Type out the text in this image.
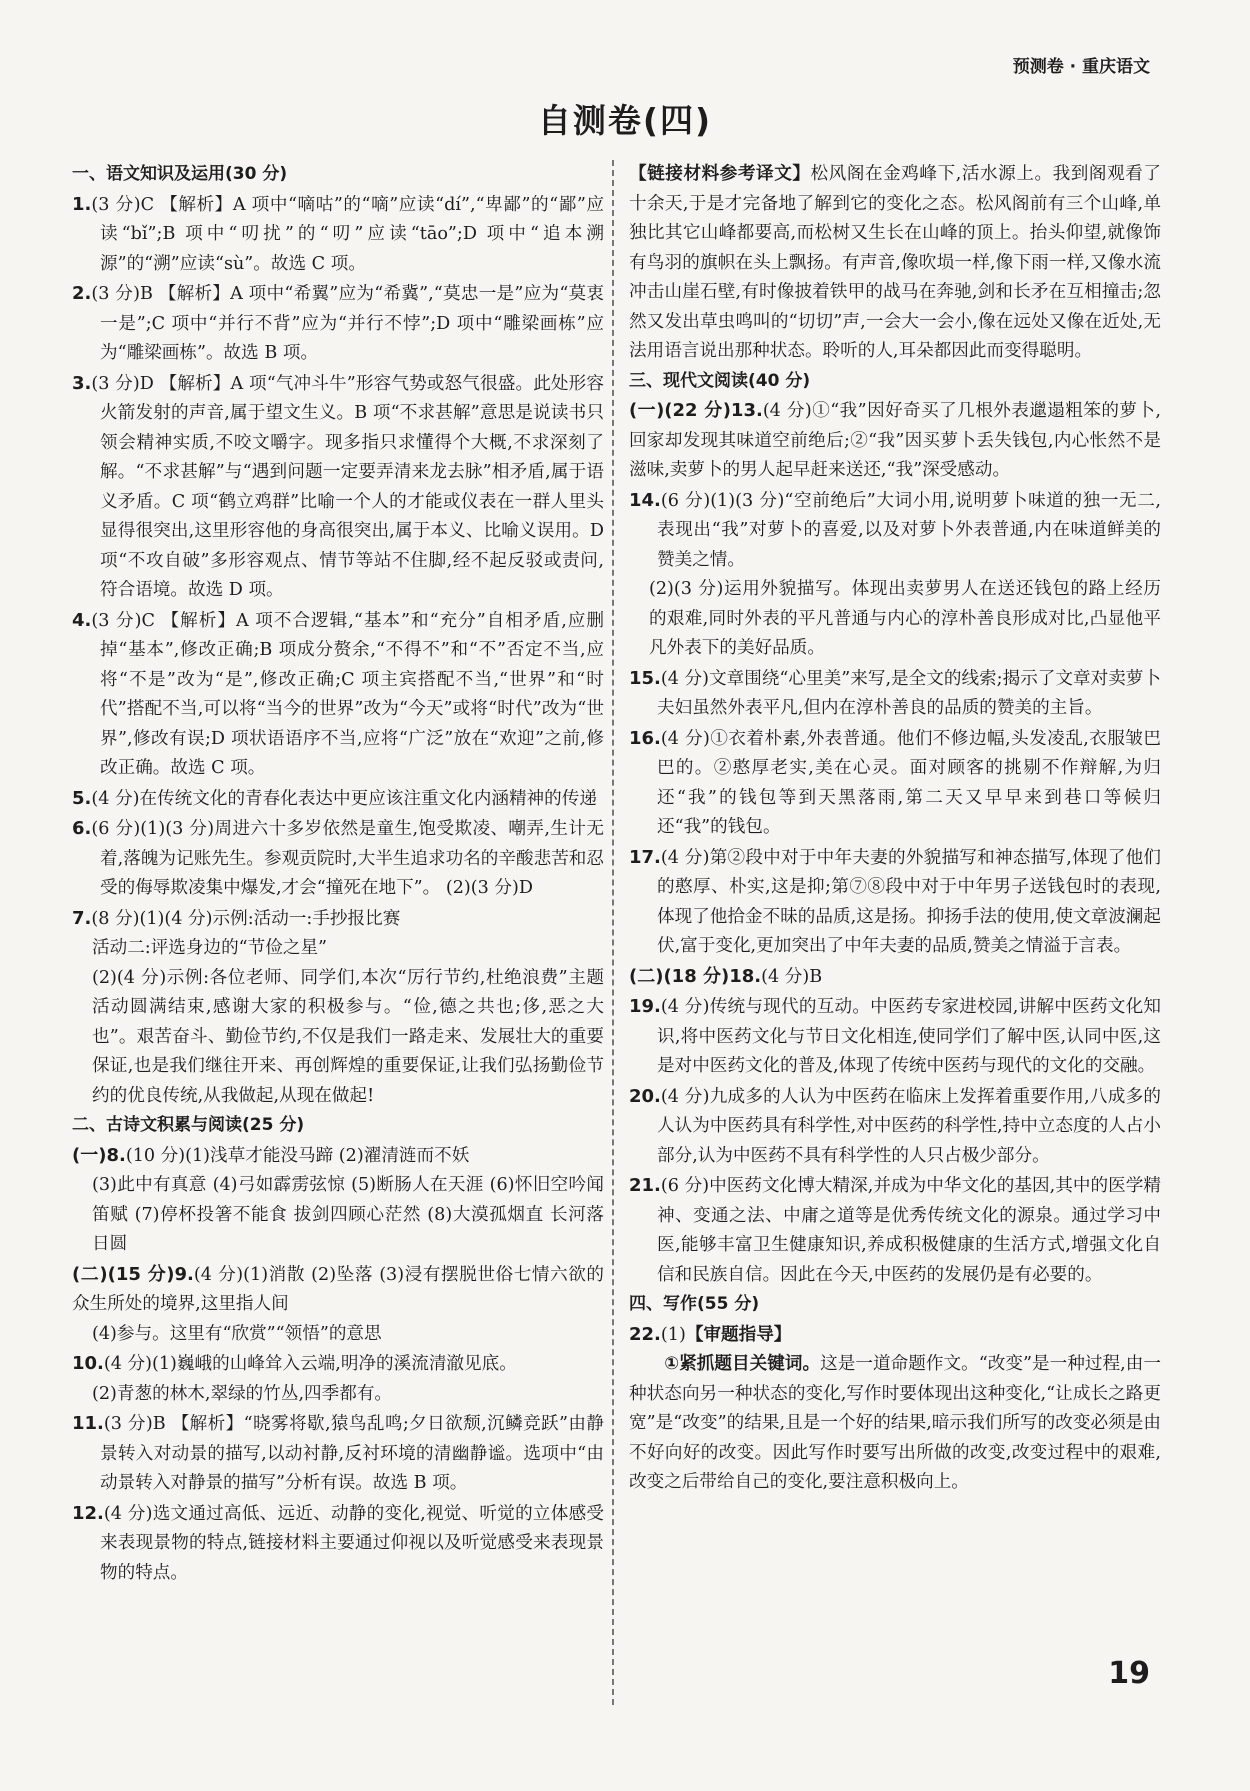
预测卷 · 重庆语文
自测卷(四)
一、语文知识及运用(30 分)
1.(3 分)C 【解析】A 项中“嘀咕”的“嘀”应读“dí”,“卑鄙”的“鄙”应读“bǐ”;B 项中“叨扰”的“叨”应读“tāo”;D 项中“追本溯源”的“溯”应读“sù”。故选 C 项。
2.(3 分)B 【解析】A 项中“希翼”应为“希冀”,“莫忠一是”应为“莫衷一是”;C 项中“并行不背”应为“并行不悖”;D 项中“雕梁画栋”应为“雕梁画栋”。故选 B 项。
3.(3 分)D 【解析】A 项“气冲斗牛”形容气势或怒气很盛。此处形容火箭发射的声音,属于望文生义。B 项“不求甚解”意思是说读书只领会精神实质,不咬文嚼字。现多指只求懂得个大概,不求深刻了解。“不求甚解”与“遇到问题一定要弄清来龙去脉”相矛盾,属于语义矛盾。C 项“鹤立鸡群”比喻一个人的才能或仪表在一群人里头显得很突出,这里形容他的身高很突出,属于本义、比喻义误用。D 项“不攻自破”多形容观点、情节等站不住脚,经不起反驳或责问,符合语境。故选 D 项。
4.(3 分)C 【解析】A 项不合逻辑,“基本”和“充分”自相矛盾,应删掉“基本”,修改正确;B 项成分赘余,“不得不”和“不”否定不当,应将“不是”改为“是”,修改正确;C 项主宾搭配不当,“世界”和“时代”搭配不当,可以将“当今的世界”改为“今天”或将“时代”改为“世界”,修改有误;D 项状语语序不当,应将“广泛”放在“欢迎”之前,修改正确。故选 C 项。
5.(4 分)在传统文化的青春化表达中更应该注重文化内涵精神的传递
6.(6 分)(1)(3 分)周进六十多岁依然是童生,饱受欺凌、嘲弄,生计无着,落魄为记账先生。参观贡院时,大半生追求功名的辛酸悲苦和忍受的侮辱欺凌集中爆发,才会“撞死在地下”。 (2)(3 分)D
7.(8 分)(1)(4 分)示例:活动一:手抄报比赛
活动二:评选身边的“节俭之星”
(2)(4 分)示例:各位老师、同学们,本次“厉行节约,杜绝浪费”主题活动圆满结束,感谢大家的积极参与。“俭,德之共也;侈,恶之大也”。艰苦奋斗、勤俭节约,不仅是我们一路走来、发展壮大的重要保证,也是我们继往开来、再创辉煌的重要保证,让我们弘扬勤俭节约的优良传统,从我做起,从现在做起!
二、古诗文积累与阅读(25 分)
(一)8.(10 分)(1)浅草才能没马蹄 (2)濯清涟而不妖
(3)此中有真意 (4)弓如霹雳弦惊 (5)断肠人在天涯 (6)怀旧空吟闻笛赋 (7)停杯投箸不能食 拔剑四顾心茫然 (8)大漠孤烟直 长河落日圆
(二)(15 分)9.(4 分)(1)消散 (2)坠落 (3)浸有摆脱世俗七情六欲的众生所处的境界,这里指人间
(4)参与。这里有“欣赏”“领悟”的意思
10.(4 分)(1)巍峨的山峰耸入云端,明净的溪流清澈见底。
(2)青葱的林木,翠绿的竹丛,四季都有。
11.(3 分)B 【解析】“晓雾将歇,猿鸟乱鸣;夕日欲颓,沉鳞竞跃”由静景转入对动景的描写,以动衬静,反衬环境的清幽静谧。选项中“由动景转入对静景的描写”分析有误。故选 B 项。
12.(4 分)选文通过高低、远近、动静的变化,视觉、听觉的立体感受来表现景物的特点,链接材料主要通过仰视以及听觉感受来表现景物的特点。
【链接材料参考译文】松风阁在金鸡峰下,活水源上。我到阁观看了十余天,于是才完备地了解到它的变化之态。松风阁前有三个山峰,单独比其它山峰都要高,而松树又生长在山峰的顶上。抬头仰望,就像饰有鸟羽的旗帜在头上飘扬。有声音,像吹埙一样,像下雨一样,又像水流冲击山崖石壁,有时像披着铁甲的战马在奔驰,剑和长矛在互相撞击;忽然又发出草虫鸣叫的“切切”声,一会大一会小,像在远处又像在近处,无法用语言说出那种状态。聆听的人,耳朵都因此而变得聪明。
三、现代文阅读(40 分)
(一)(22 分)13.(4 分)①“我”因好奇买了几根外表邋遢粗笨的萝卜,回家却发现其味道空前绝后;②“我”因买萝卜丢失钱包,内心怅然不是滋味,卖萝卜的男人起早赶来送还,“我”深受感动。
14.(6 分)(1)(3 分)“空前绝后”大词小用,说明萝卜味道的独一无二,表现出“我”对萝卜的喜爱,以及对萝卜外表普通,内在味道鲜美的赞美之情。
(2)(3 分)运用外貌描写。体现出卖萝男人在送还钱包的路上经历的艰难,同时外表的平凡普通与内心的淳朴善良形成对比,凸显他平凡外表下的美好品质。
15.(4 分)文章围绕“心里美”来写,是全文的线索;揭示了文章对卖萝卜夫妇虽然外表平凡,但内在淳朴善良的品质的赞美的主旨。
16.(4 分)①衣着朴素,外表普通。他们不修边幅,头发凌乱,衣服皱巴巴的。②憨厚老实,美在心灵。面对顾客的挑剔不作辩解,为归还“我”的钱包等到天黑落雨,第二天又早早来到巷口等候归还“我”的钱包。
17.(4 分)第②段中对于中年夫妻的外貌描写和神态描写,体现了他们的憨厚、朴实,这是抑;第⑦⑧段中对于中年男子送钱包时的表现,体现了他拾金不昧的品质,这是扬。抑扬手法的使用,使文章波澜起伏,富于变化,更加突出了中年夫妻的品质,赞美之情溢于言表。
(二)(18 分)18.(4 分)B
19.(4 分)传统与现代的互动。中医药专家进校园,讲解中医药文化知识,将中医药文化与节日文化相连,使同学们了解中医,认同中医,这是对中医药文化的普及,体现了传统中医药与现代的文化的交融。
20.(4 分)九成多的人认为中医药在临床上发挥着重要作用,八成多的人认为中医药具有科学性,对中医药的科学性,持中立态度的人占小部分,认为中医药不具有科学性的人只占极少部分。
21.(6 分)中医药文化博大精深,并成为中华文化的基因,其中的医学精神、变通之法、中庸之道等是优秀传统文化的源泉。通过学习中医,能够丰富卫生健康知识,养成积极健康的生活方式,增强文化自信和民族自信。因此在今天,中医药的发展仍是有必要的。
四、写作(55 分)
22.(1)【审题指导】
①紧抓题目关键词。这是一道命题作文。“改变”是一种过程,由一种状态向另一种状态的变化,写作时要体现出这种变化,“让成长之路更宽”是“改变”的结果,且是一个好的结果,暗示我们所写的改变必须是由不好向好的改变。因此写作时要写出所做的改变,改变过程中的艰难,改变之后带给自己的变化,要注意积极向上。
19
